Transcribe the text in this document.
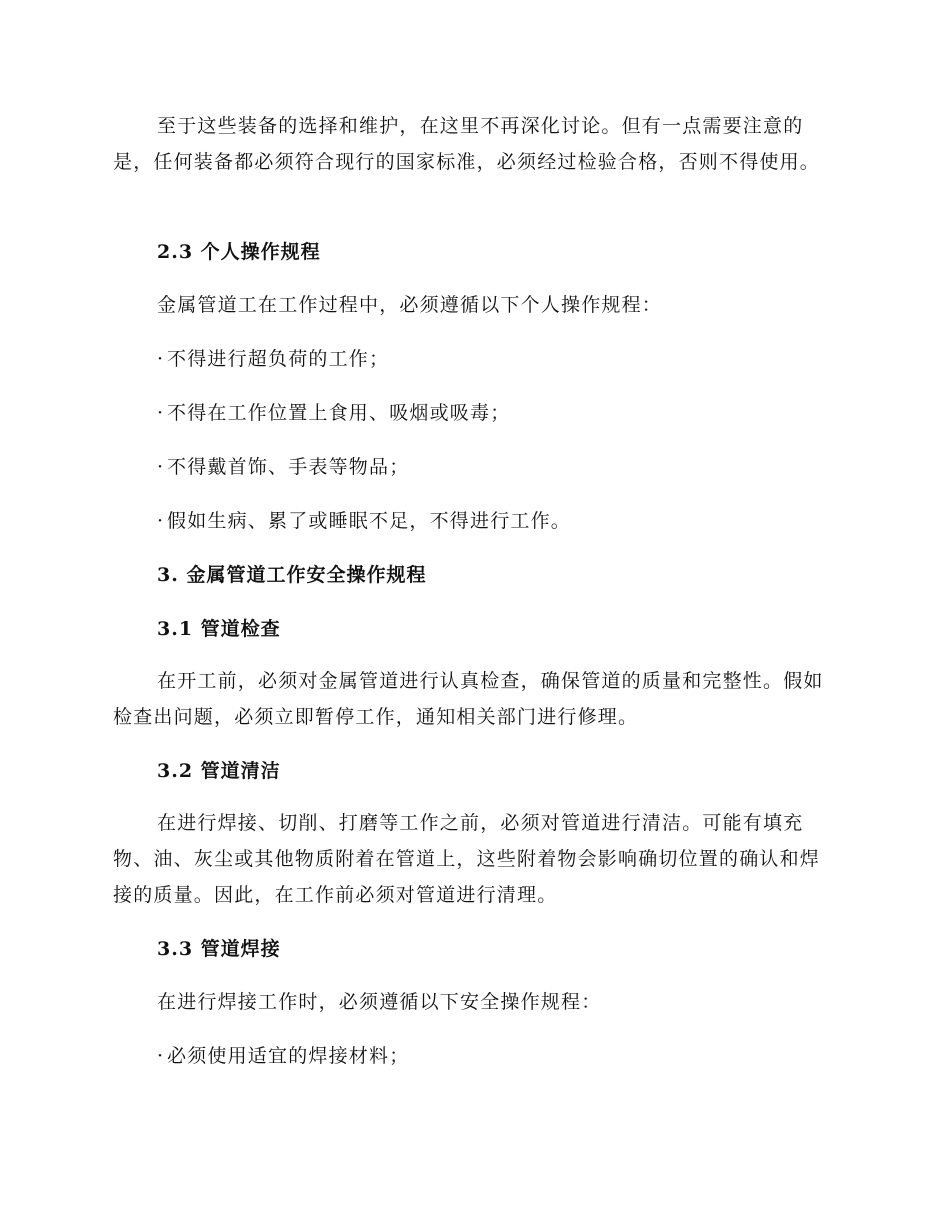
至于这些装备的选择和维护，在这里不再深化讨论。但有一点需要注意的是，任何装备都必须符合现行的国家标准，必须经过检验合格，否则不得使用。

2.3 个人操作规程

金属管道工在工作过程中，必须遵循以下个人操作规程：

· 不得进行超负荷的工作；

· 不得在工作位置上食用、吸烟或吸毒；

· 不得戴首饰、手表等物品；

· 假如生病、累了或睡眠不足，不得进行工作。

3. 金属管道工作安全操作规程

3.1 管道检查

在开工前，必须对金属管道进行认真检查，确保管道的质量和完整性。假如检查出问题，必须立即暂停工作，通知相关部门进行修理。

3.2 管道清洁

在进行焊接、切削、打磨等工作之前，必须对管道进行清洁。可能有填充物、油、灰尘或其他物质附着在管道上，这些附着物会影响确切位置的确认和焊接的质量。因此，在工作前必须对管道进行清理。

3.3 管道焊接

在进行焊接工作时，必须遵循以下安全操作规程：

· 必须使用适宜的焊接材料；
